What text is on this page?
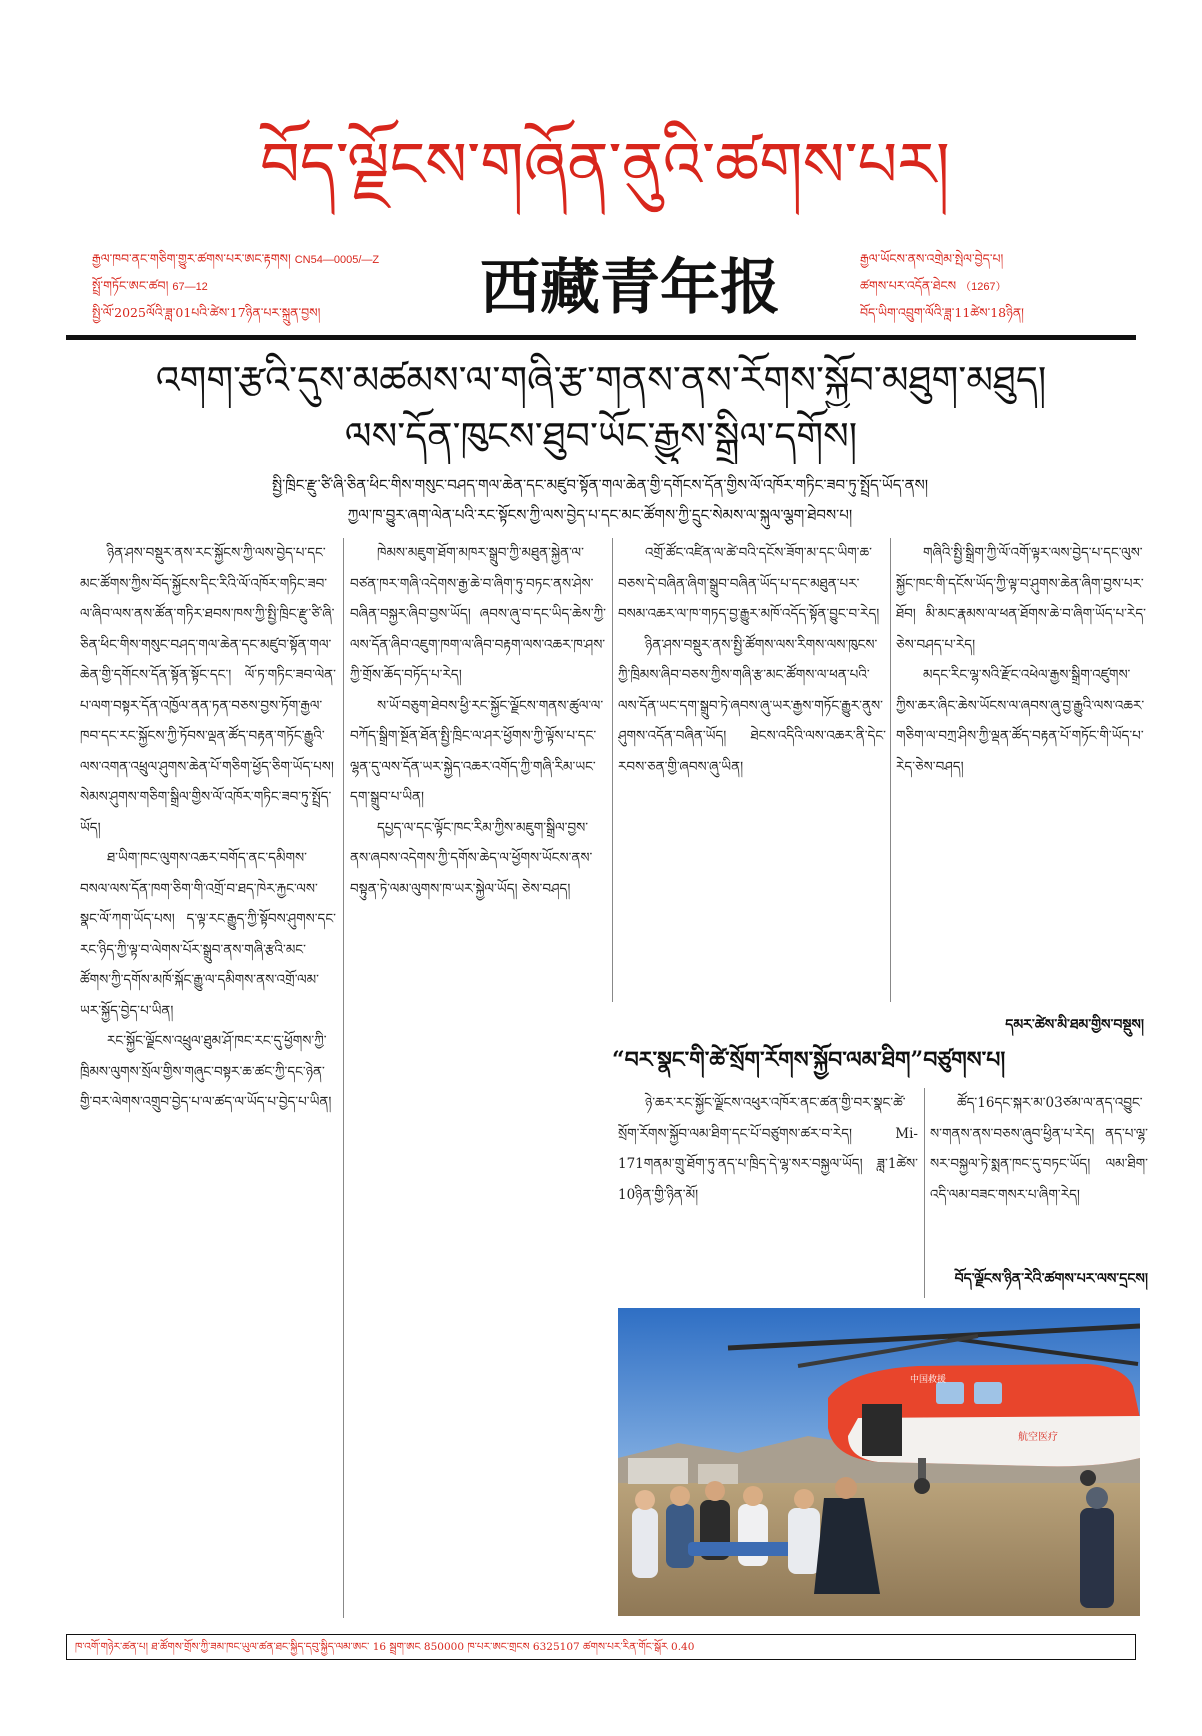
བོད་ལྗོངས་གཞོན་ནུའི་ཚགས་པར།
རྒྱལ་ཁབ་ནང་གཅིག་གྱུར་ཚགས་པར་ཨང་རྟགས། CN54—0005/—Z
སྤྲོ་གཏོང་ཨང་ཚབ། 67—12
སྤྱི་ལོ་2025ལོའི་ཟླ་01པའི་ཚེས་17ཉིན་པར་སྐྲུན་བྱས།	西藏青年报	རྒྱལ་ཡོངས་ནས་འགྲེམ་སྤེལ་བྱེད་པ།
ཚགས་པར་འདོན་ཐེངས （1267）
བོད་ཡིག་འབྲུག་ལོའི་ཟླ་11ཚེས་18ཉིན།
འགག་རྩའི་དུས་མཚམས་ལ་གཞི་རྩ་གནས་ནས་རོགས་སྐྱོབ་མཐུག་མཐུད།
ལས་དོན་ཁུངས་ཐུབ་ཡོང་རྒྱུས་སྒྲིལ་དགོས།
སྤྱི་ཁྲིང་རྫུ་ཙི་ཞི་ཅིན་ཕིང་གིས་གསུང་བཤད་གལ་ཆེན་དང་མཛུབ་སྟོན་གལ་ཆེན་གྱི་དགོངས་དོན་གྱིས་ལོ་འཁོར་གཏིང་ཟབ་ཏུ་སྤྲོད་ཡོད་ནས།
ཀྱལ་ཁ་བྱུར་ཞག་ལེན་པའི་རང་སྟོངས་ཀྱི་ལས་བྱེད་པ་དང་མང་ཚོགས་ཀྱི་དྲུང་སེམས་ལ་སྐུལ་ལྕག་ཐེབས་པ།

ཉིན་ཤས་བསྡུར་ནས་རང་སྐྱོངས་ཀྱི་ལས་བྱེད་པ་དང་མང་ཚོགས་ཀྱིས་བོད་སྐྱོངས་དིང་རིའི་ལོ་འཁོར་གཏིང་ཟབ་ལ་ཞིབ་ལས་ནས་ཚོན་གཏིར་ཐབས་ཁས་ཀྱི་སྤྱི་ཁྲིང་རྫུ་ཙི་ཞི་ཅིན་ཕིང་གིས་གསུང་བཤད་གལ་ཆེན་དང་མཛུབ་སྟོན་གལ་ཆེན་གྱི་དགོངས་དོན་སྟོན་སྟོང་དང་། ལོ་ཏ་གཏིང་ཟབ་ལེན་པ་ལག་བསྟར་དོན་འཁྱོལ་ནན་ཏན་བཅས་བྱས་ཏོག་རྒྱལ་ཁབ་དང་རང་སྐྱོངས་ཀྱི་ཏོབས་ལྡན་ཚོད་བརྟན་གཏོང་རྒྱུའི་ལས་འགན་འཕྲུལ་ཤུགས་ཆེན་པོ་གཅིག་ཕྱོད་ཅིག་ཡོད་པས། སེམས་ཤུགས་གཅིག་སྒྲིལ་གྱིས་ལོ་འཁོར་གཏིང་ཟབ་ཏུ་སྤྲོད་ཡོད།

ཐ་ཡིག་ཁང་ལུགས་འཆར་བགོད་ནང་དམིགས་བསལ་ལས་དོན་ཁག་ཅིག་གི་འགྲོ་བ་ཐད་ཁེར་རྐྱང་ལས་སྣང་ལོ་ཀག་ཡོད་པས། ད་ལྟ་རང་རྒྱུད་ཀྱི་སྟོབས་ཤུགས་དང་རང་ཉིད་ཀྱི་ལྟ་བ་ལེགས་པོར་སྒྲུབ་ནས་གཞི་རྩའི་མང་ཚོགས་ཀྱི་དགོས་མཁོ་སྐོང་རྒྱུ་ལ་དམིགས་ནས་འགྲོ་ལམ་ཡར་སྐྱོད་བྱེད་པ་ཡིན།

རང་སྐྱོང་ལྗོངས་འཕྲུལ་ཐུམ་ཤོ་ཁང་རང་དུ་ཕྱོགས་ཀྱི་ཁྲིམས་ལུགས་སྲོལ་གྱིས་གཞུང་བསྟར་ཆ་ཚང་ཀྱི་དང་ཉེན་གྱི་བར་ལེགས་འགྲུབ་བྱེད་པ་ལ་ཚད་ལ་ཡོད་པ་བྱེད་པ་ཡིན།

ཁེམས་མཇུག་ཐོག་མཁར་སྒྲུབ་ཀྱི་མཐུན་སྐྱེན་ལ་བཙན་ཁར་གཞི་འདེགས་རྒྱ་ཆེ་བ་ཞིག་ཏུ་བཏང་ནས་ཤེས་བཞིན་བསྐྱར་ཞིབ་བྱས་ཡོད། ཞབས་ཞུ་བ་དང་ཡིད་ཆེས་ཀྱི་ལས་དོན་ཞིབ་འཇུག་ཁག་ལ་ཞིབ་བརྟག་ལས་འཆར་ཁ་ཤས་ཀྱི་གྲོས་ཆོད་བཏོད་པ་རེད།

ས་ཡོ་བཅུག་ཐེབས་ཕྱི་རང་སྐྱོང་ལྗོངས་གནས་ཚུལ་ལ་བཀོད་སྒྲིག་སྔོན་ཐོན་སྤྱི་ཁྲིང་ལ་ཤར་ཕྱོགས་ཀྱི་ལྟོས་པ་དང་ལྷན་དུ་ལས་དོན་ཡར་སྐྱེད་འཆར་འགོད་ཀྱི་གཞི་རིམ་ཡང་དག་སྒྲུབ་པ་ཡིན།

དཔྱད་ལ་དང་ལྟོང་ཁང་རིམ་ཀྱིས་མཇུག་སྒྲིལ་བྱས་ནས་ཞབས་འདེགས་ཀྱི་དགོས་ཆེད་ལ་ཕྱོགས་ཡོངས་ནས་བསྟུན་ཏེ་ལམ་ལུགས་ཁ་ཡར་སྐྱེལ་ཡོད། ཅེས་བཤད།

འགྲོ་ཚོང་འཛིན་ལ་ཚེ་བའི་དངོས་ཟོག་མ་དང་ཡིག་ཆ་བཅས་དེ་བཞིན་ཞིག་སྒྲུབ་བཞིན་ཡོད་པ་དང་མཐུན་པར་བསམ་འཆར་ལ་ཁ་གཏད་བྱ་རྒྱུར་མཁོ་འདོད་སྟོན་བྱུང་བ་རེད།

ཉིན་ཤས་བསྡུར་ནས་སྤྱི་ཚོགས་ལས་རིགས་ལས་ཁུངས་ཀྱི་ཁྲིམས་ཞིབ་བཅས་ཀྱིས་གཞི་རྩ་མང་ཚོགས་ལ་ཕན་པའི་ལས་དོན་ཡང་དག་སྒྲུབ་ཏེ་ཞབས་ཞུ་ཡར་རྒྱས་གཏོང་རྒྱུར་ནུས་ཤུགས་འདོན་བཞིན་ཡོད། ཐེངས་འདིའི་ལས་འཆར་ནི་དེང་རབས་ཅན་གྱི་ཞབས་ཞུ་ཡིན།

གཞིའི་སྤྱི་སྒྲིག་ཀྱི་ལོ་འགོ་ལྟར་ལས་བྱེད་པ་དང་ལུས་སྐྱོང་ཁང་གི་དངོས་ཡོད་ཀྱི་ལྟ་བ་ཤུགས་ཆེན་ཞིག་བྱས་པར་ཐོབ། མི་མང་རྣམས་ལ་ཕན་ཐོགས་ཆེ་བ་ཞིག་ཡོད་པ་རེད་ཅེས་བཤད་པ་རེད།

མདང་རིང་ལྷ་སའི་རྫོང་འཕེལ་རྒྱས་སྒྲིག་འཛུགས་ཀྱིས་ཆར་ཞིང་ཆེས་ཡོངས་ལ་ཞབས་ཞུ་བྱ་རྒྱུའི་ལས་འཆར་གཅིག་ལ་བཀྲ་ཤིས་ཀྱི་ལྡན་ཚོད་བརྟན་པོ་གཏོང་གི་ཡོད་པ་རེད་ཅེས་བཤད།

དམར་ཚེས་མི་ཐམ་གྱིས་བསྡུས།
“བར་སྣང་གི་ཚེ་སྲོག་རོགས་སྐྱོབ་ལམ་ཐིག”བཙུགས་པ།

ཉེ་ཆར་རང་སྐྱོང་ལྗོངས་འཕུར་འཁོར་ནང་ཚན་གྱི་བར་སྣང་ཚེ་སྲོག་རོགས་སྐྱོབ་ལམ་ཐིག་དང་པོ་བཙུགས་ཚར་བ་རེད། Mi-171གནམ་གྲུ་ཐོག་ཏུ་ནད་པ་ཁྲིད་དེ་ལྷ་སར་བསྐྱལ་ཡོད། ཟླ་1ཚེས་10ཉིན་གྱི་ཉིན་མོ།

ཚོད་16དང་སྐར་མ་03ཙམ་ལ་ནད་འབྱུང་ས་གནས་ནས་བཅས་ཞུབ་ཕྱིན་པ་རེད། ནད་པ་ལྷ་སར་བསྐྱལ་ཏེ་སྨན་ཁང་དུ་བཏང་ཡོད། ལམ་ཐིག་འདི་ལམ་བཟང་གསར་པ་ཞིག་རེད།

བོད་ལྗོངས་ཉིན་རེའི་ཚགས་པར་ལས་དྲངས།
中国救援
航空医疗
ཁ་འགོ་གཉེར་ཚན་པ། ཐ་ཚོགས་གྲོས་ཀྱི་ཟམ་ཁང་ཡུལ་ཚན་ཐང་སྐྱིད་དབུ་སྐྱིད་ལམ་ཨང་ 16 སྦྲག་ཨང 850000 ཁ་པར་ཨང་གྲངས 6325107 ཚགས་པར་རིན་གོང་སྒོར 0.40
